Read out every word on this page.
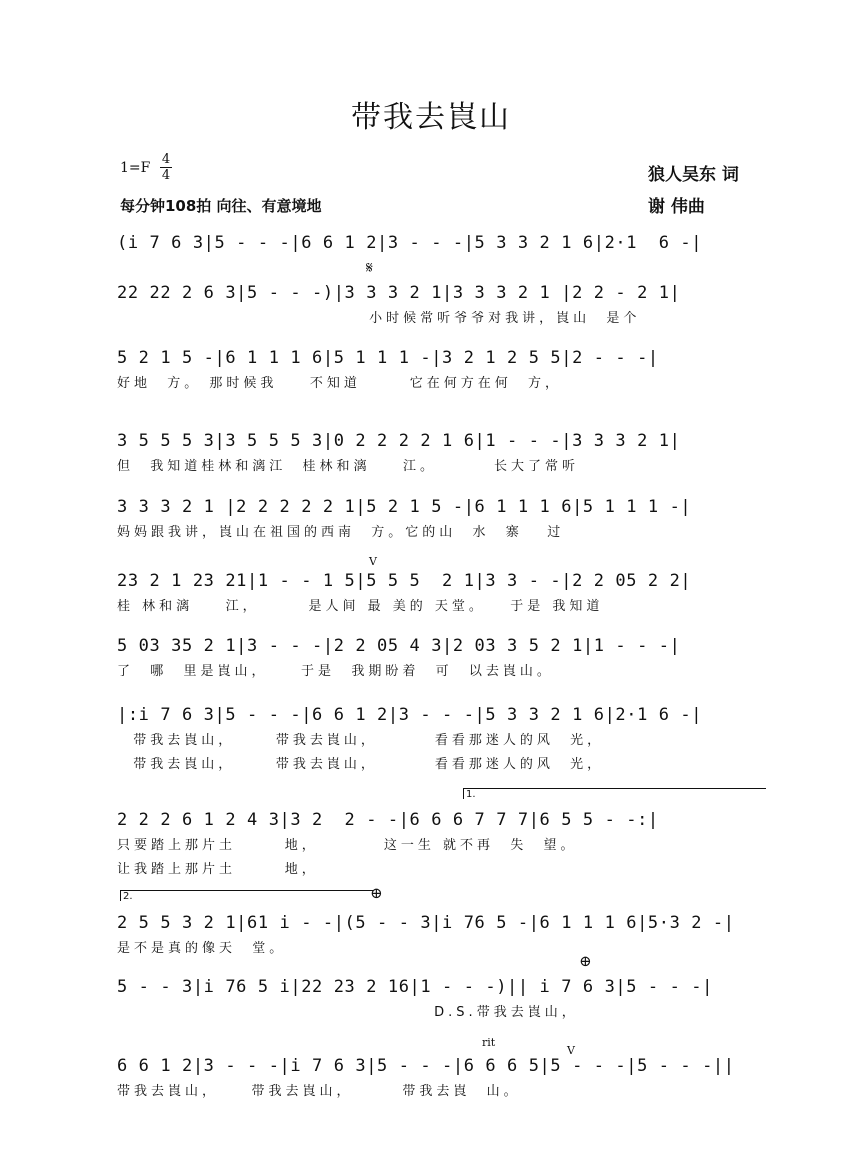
带我去崀山
1=F
4
4
每分钟108拍 向往、有意境地
狼人吴东 词
谢 伟曲
(i 7 6 3|5 - - -|6 6 1 2|3 - - -|5 3 3 2 1 6|2·1  6 -|
𝄋
22 22 2 6 3|5 - - -)|3 3 3 2 1|3 3 3 2 1 |2 2 - 2 1|
小时候常听爷爷对我讲，崀山  是个
5 2 1 5 -|6 1 1 1 6|5 1 1 1 -|3 2 1 2 5 5|2 - - -|
好地  方。 那时候我    不知道      它在何方在何  方，
3 5 5 5 3|3 5 5 5 3|0 2 2 2 2 1 6|1 - - -|3 3 3 2 1|
但  我知道桂林和漓江  桂林和漓    江。       长大了常听
3 3 3 2 1 |2 2 2 2 2 1|5 2 1 5 -|6 1 1 1 6|5 1 1 1 -|
妈妈跟我讲，崀山在祖国的西南  方。它的山  水  寨   过
V
23 2 1 23 21|1 - - 1 5|5 5 5  2 1|3 3 - -|2 2 05 2 2|
桂 林和漓    江，      是人间 最 美的 天堂。   于是 我知道
5 03 35 2 1|3 - - -|2 2 05 4 3|2 03 3 5 2 1|1 - - -|
了  哪  里是崀山，    于是  我期盼着  可  以去崀山。
|:i 7 6 3|5 - - -|6 6 1 2|3 - - -|5 3 3 2 1 6|2·1 6 -|
带我去崀山，     带我去崀山，       看看那迷人的风  光，
带我去崀山，     带我去崀山，       看看那迷人的风  光，
1.
2 2 2 6 1 2 4 3|3 2  2 - -|6 6 6 7 7 7|6 5 5 - -:|
只要踏上那片土      地，        这一生 就不再  失  望。
让我踏上那片土      地，
2.	⊕
2 5 5 3 2 1|61 i - -|(5 - - 3|i 76 5 -|6 1 1 1 6|5·3 2 -|
是不是真的像天  堂。
⊕
5 - - 3|i 76 5 i|22 23 2 16|1 - - -)|| i 7 6 3|5 - - -|
D.S.带我去崀山，
rit
V
6 6 1 2|3 - - -|i 7 6 3|5 - - -|6 6 6 5|5 - - -|5 - - -||
带我去崀山，    带我去崀山，      带我去崀  山。
